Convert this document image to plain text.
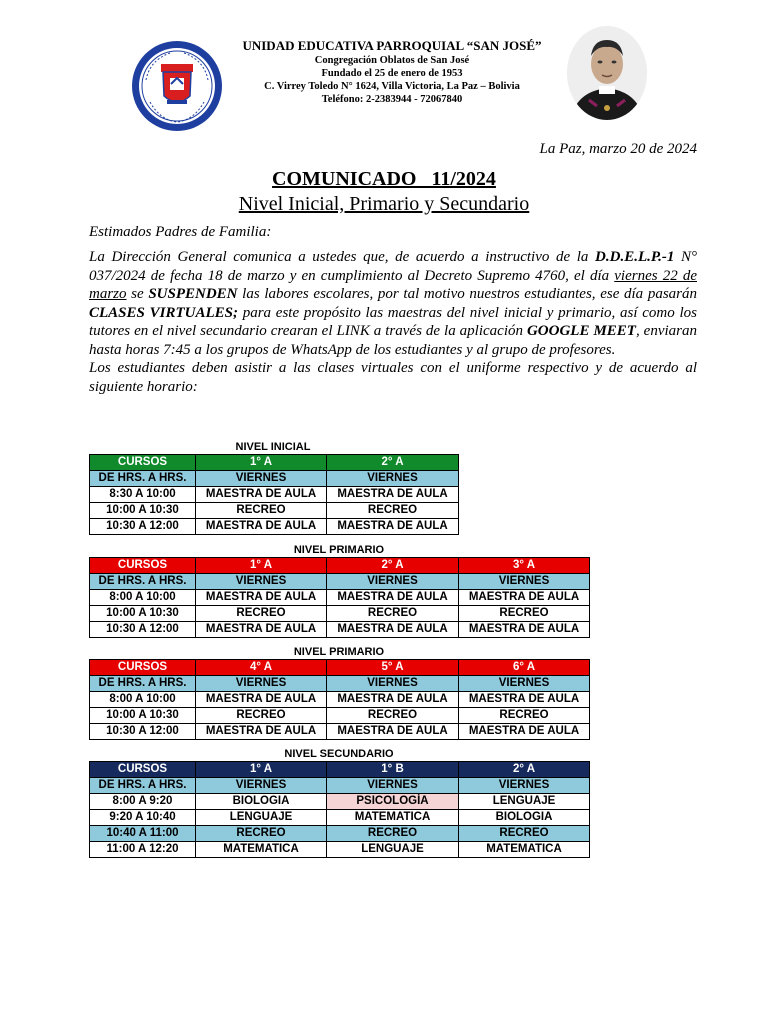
UNIDAD EDUCATIVA PARROQUIAL “SAN JOSÉ”
Congregación Oblatos de San José
Fundado el 25 de enero de 1953
C. Virrey Toledo N° 1624, Villa Victoria, La Paz – Bolivia
Teléfono: 2-2383944 - 72067840
La Paz, marzo 20 de 2024
COMUNICADO   11/2024
Nivel Inicial, Primario y Secundario
Estimados Padres de Familia:

La Dirección General comunica a ustedes que, de acuerdo a instructivo de la D.D.E.L.P.-1 N° 037/2024 de fecha 18 de marzo y en cumplimiento al Decreto Supremo 4760, el día viernes 22 de marzo se SUSPENDEN las labores escolares, por tal motivo nuestros estudiantes, ese día pasarán CLASES VIRTUALES; para este propósito las maestras del nivel inicial y primario, así como los tutores en el nivel secundario crearan el LINK a través de la aplicación GOOGLE MEET, enviaran hasta horas 7:45 a los grupos de WhatsApp de los estudiantes y al grupo de profesores.

Los estudiantes deben asistir a las clases virtuales con el uniforme respectivo y de acuerdo al siguiente horario:

NIVEL INICIAL
CURSOS	1° A	2° A
DE HRS. A HRS.	VIERNES	VIERNES
8:30 A 10:00	MAESTRA DE AULA	MAESTRA DE AULA
10:00 A 10:30	RECREO	RECREO
10:30 A 12:00	MAESTRA DE AULA	MAESTRA DE AULA
NIVEL PRIMARIO
CURSOS	1° A	2° A	3° A
DE HRS. A HRS.	VIERNES	VIERNES	VIERNES
8:00 A 10:00	MAESTRA DE AULA	MAESTRA DE AULA	MAESTRA DE AULA
10:00 A 10:30	RECREO	RECREO	RECREO
10:30 A 12:00	MAESTRA DE AULA	MAESTRA DE AULA	MAESTRA DE AULA
NIVEL PRIMARIO
CURSOS	4° A	5° A	6° A
DE HRS. A HRS.	VIERNES	VIERNES	VIERNES
8:00 A 10:00	MAESTRA DE AULA	MAESTRA DE AULA	MAESTRA DE AULA
10:00 A 10:30	RECREO	RECREO	RECREO
10:30 A 12:00	MAESTRA DE AULA	MAESTRA DE AULA	MAESTRA DE AULA
NIVEL SECUNDARIO
CURSOS	1° A	1° B	2° A
DE HRS. A HRS.	VIERNES	VIERNES	VIERNES
8:00 A 9:20	BIOLOGIA	PSICOLOGÍA	LENGUAJE
9:20 A 10:40	LENGUAJE	MATEMATICA	BIOLOGIA
10:40 A 11:00	RECREO	RECREO	RECREO
11:00 A 12:20	MATEMATICA	LENGUAJE	MATEMATICA
